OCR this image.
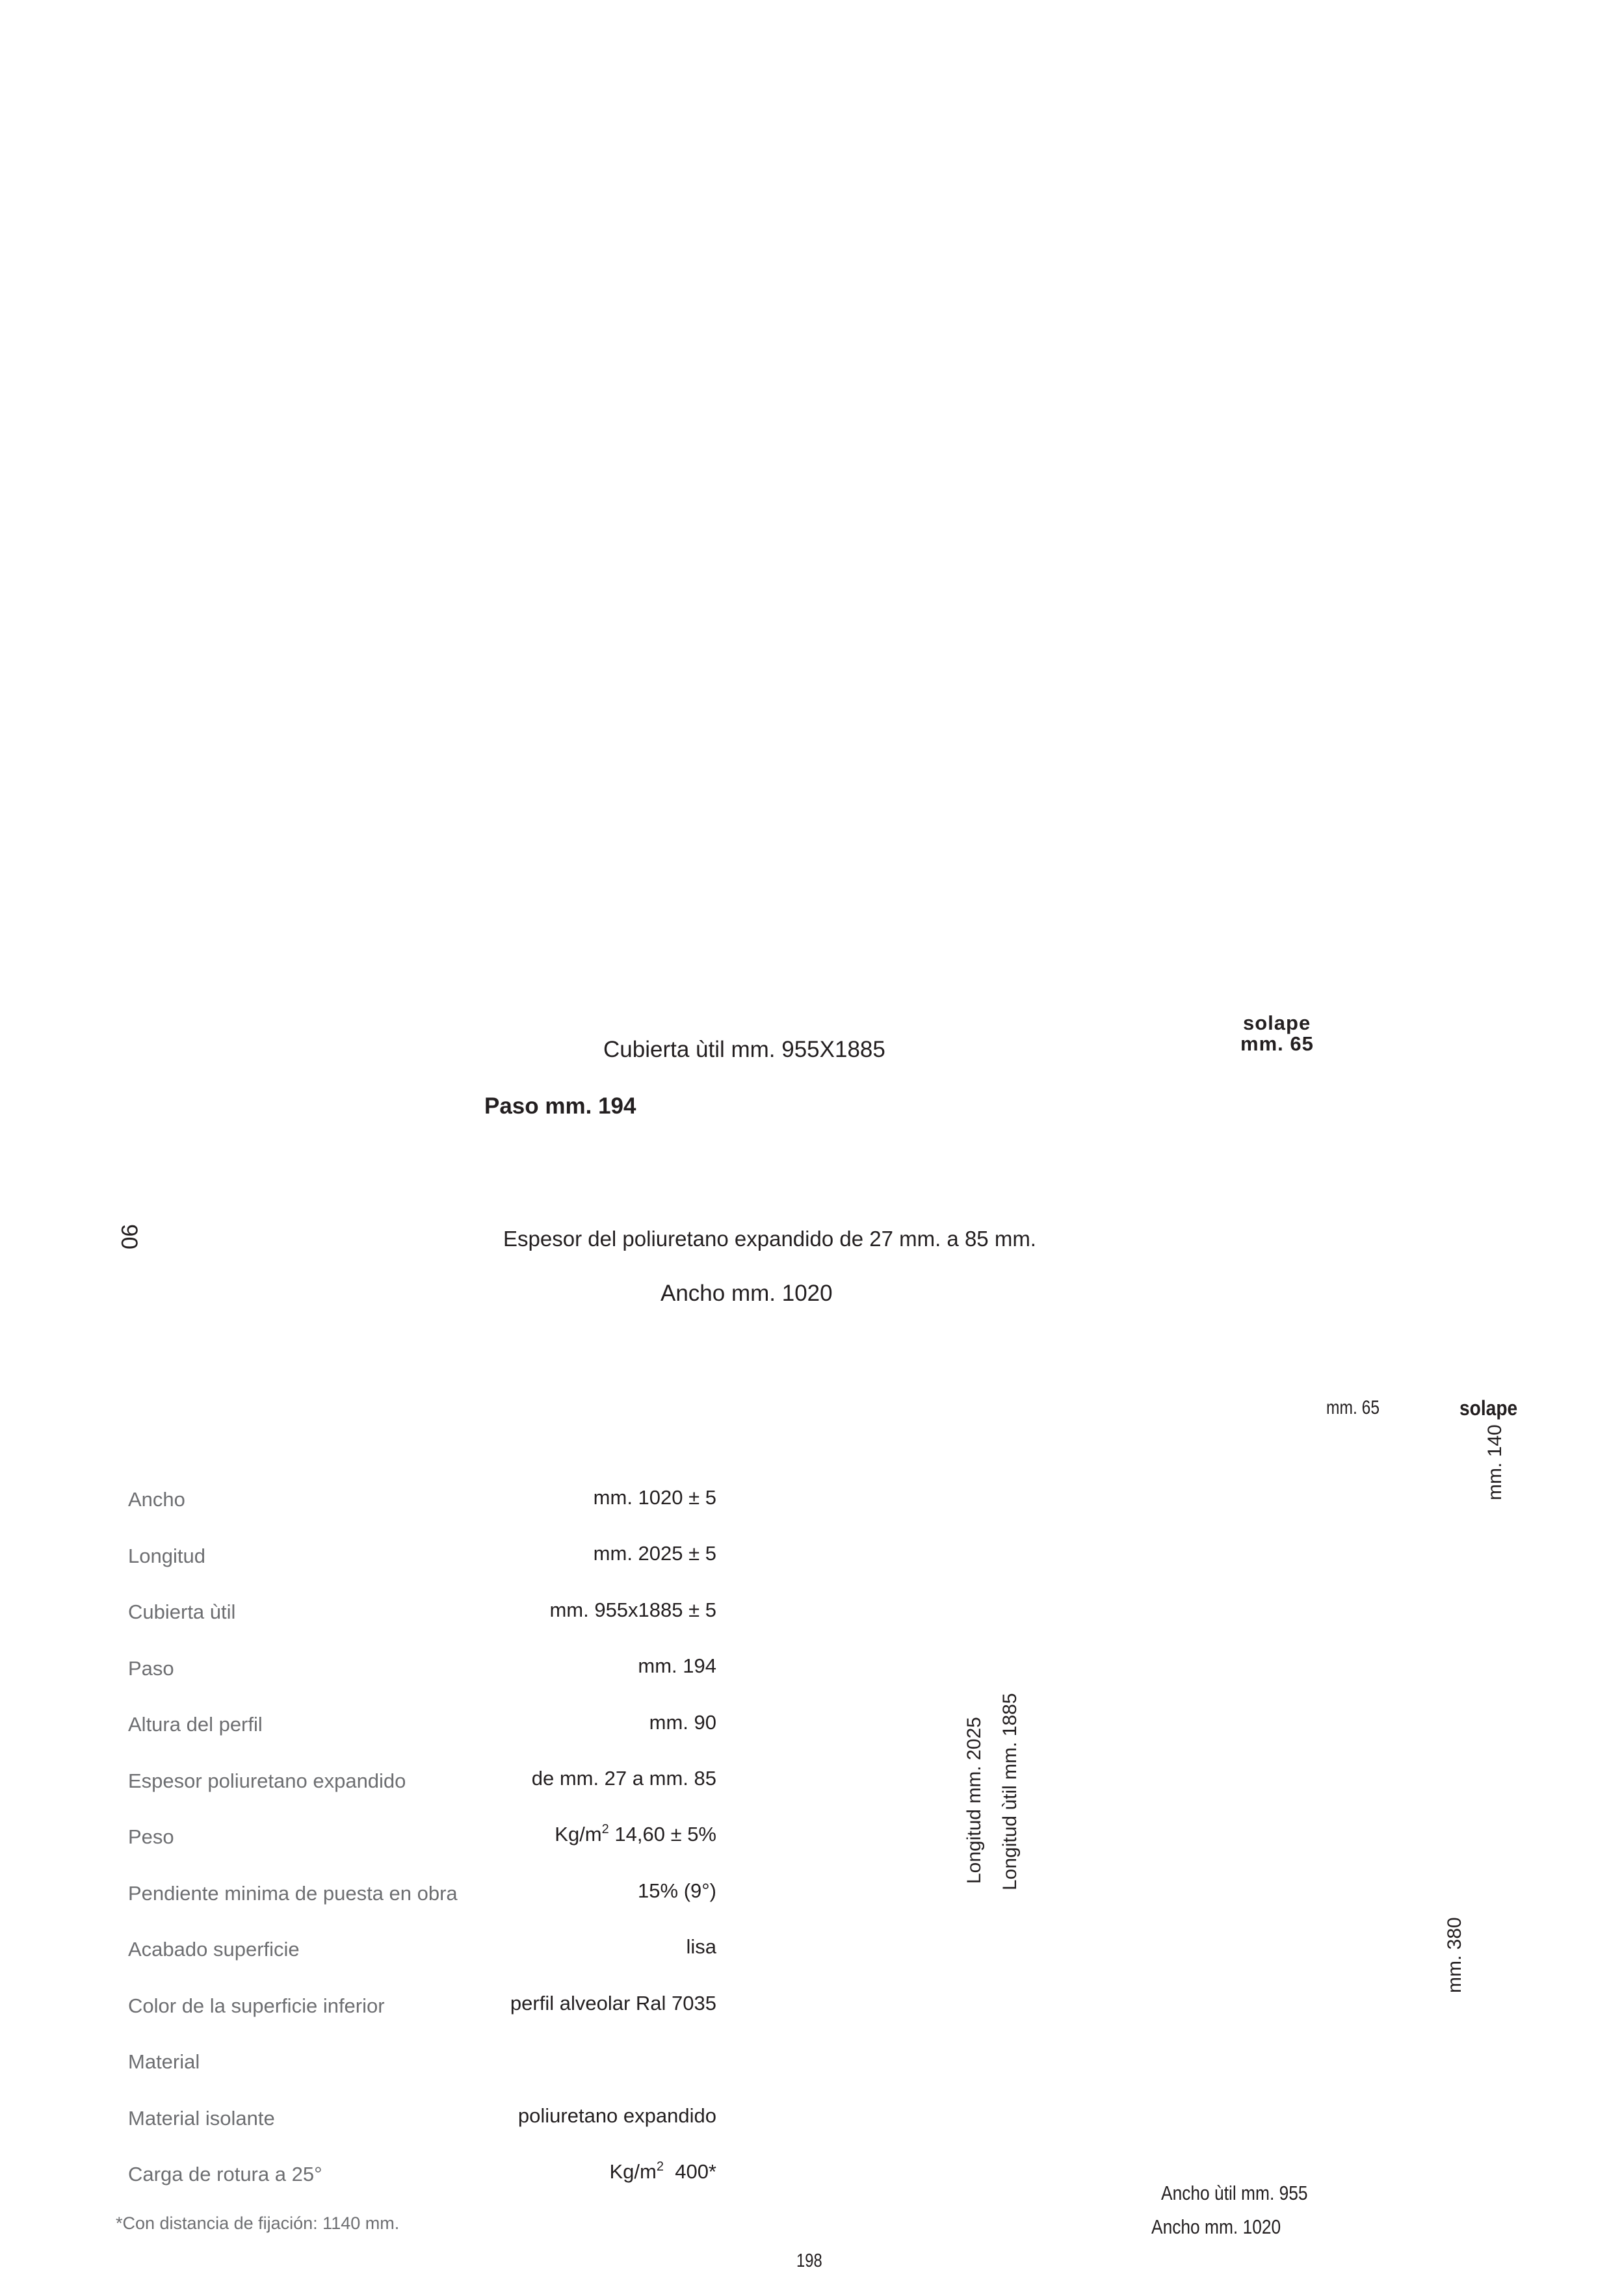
solape
mm. 65
Cubierta ùtil mm. 955X1885
Paso mm. 194
90	Espesor del poliuretano expandido de 27 mm. a 85 mm.
Ancho mm. 1020
mm. 65	solape
mm. 140
Longitud mm. 2025 Longitud ùtil mm. 1885
mm. 380
Ancho ùtil mm. 955
Ancho mm. 1020
Ancho	mm. 1020 ± 5
Longitud	mm. 2025 ± 5
Cubierta ùtil	mm. 955x1885 ± 5
Paso	mm. 194
Altura del perfil	mm. 90
Espesor poliuretano expandido	de mm. 27 a mm. 85
Peso	$Kg/m^2$ 14,60 ± 5%
Pendiente minima de puesta en obra	15% (9°)
Acabado superficie	lisa
Color de la superficie inferior	perfil alveolar Ral 7035
Material
Material isolante	poliuretano expandido
Carga de rotura a 25°	$Kg/m^2$  400*
*Con distancia de fijación: 1140 mm.
198
